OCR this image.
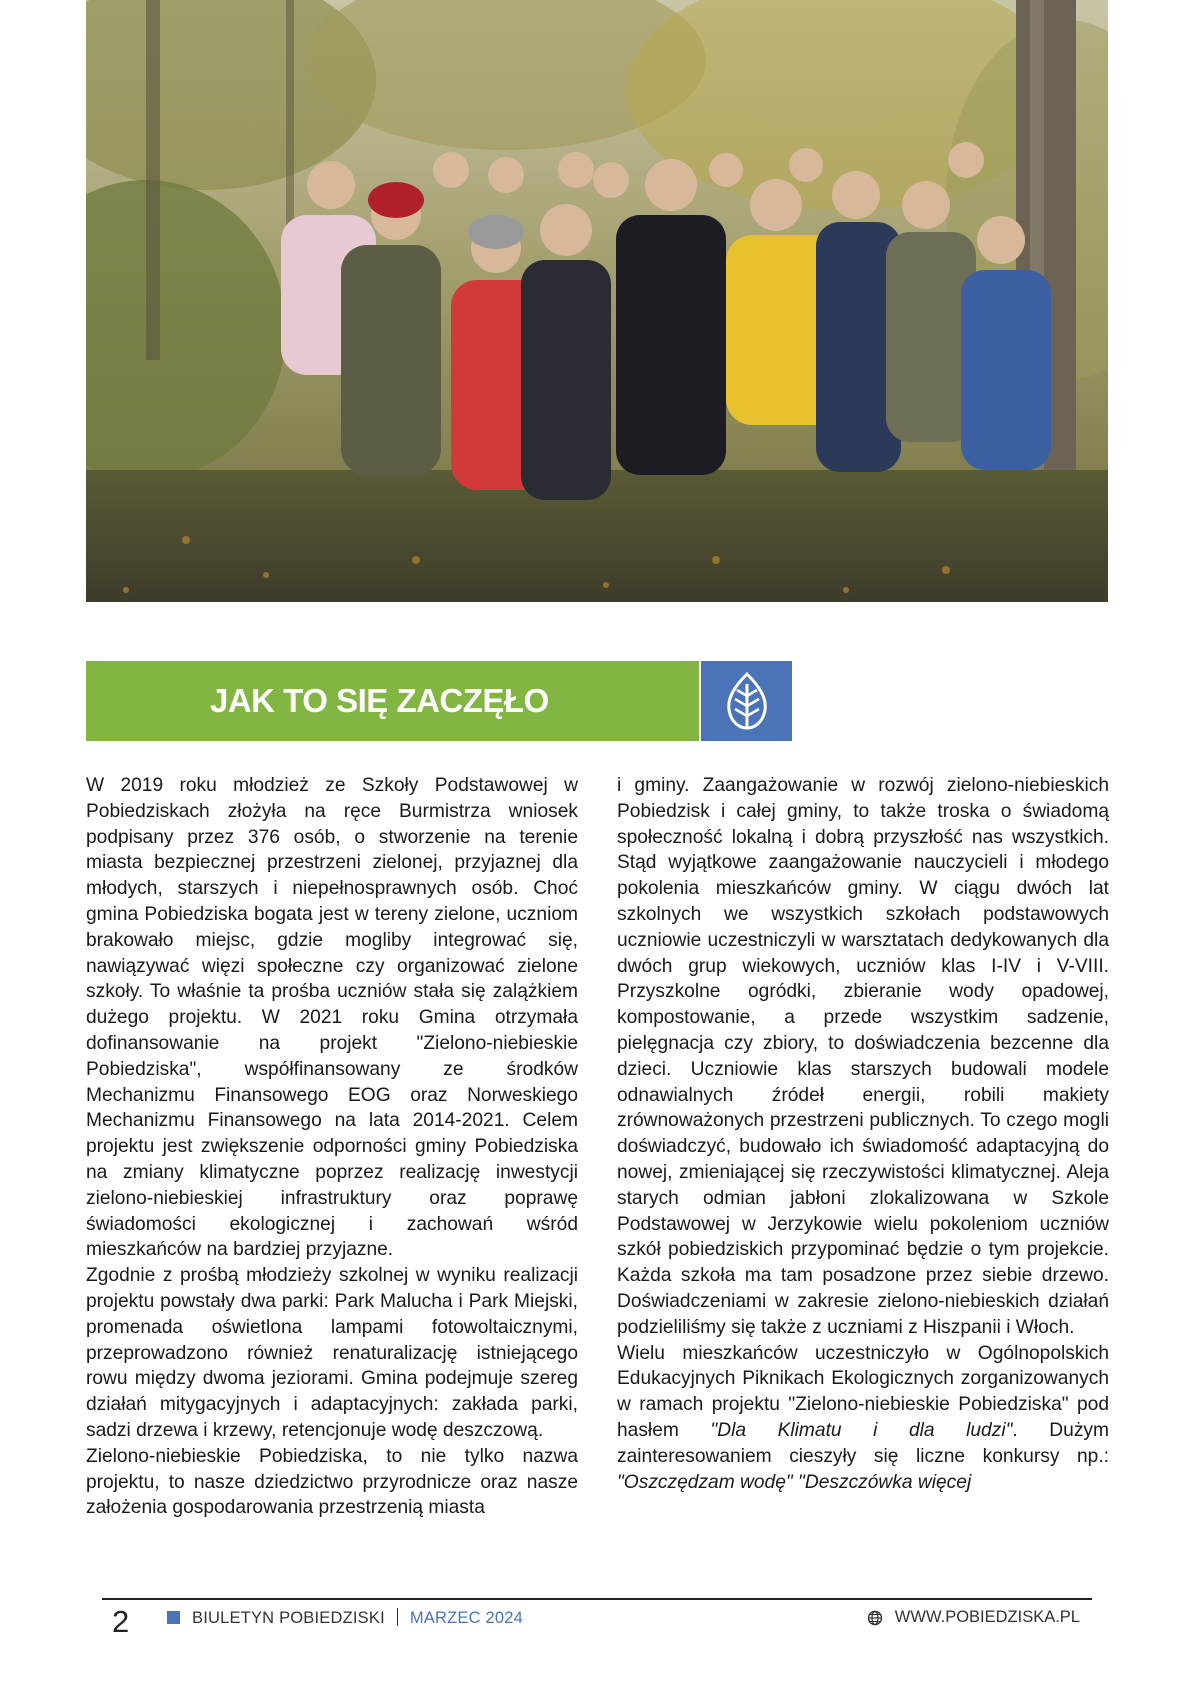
JAK TO SIĘ ZACZĘŁO

W 2019 roku młodzież ze Szkoły Podstawowej w Pobiedziskach złożyła na ręce Burmistrza wniosek podpisany przez 376 osób, o stworzenie na terenie miasta bezpiecznej przestrzeni zielonej, przyjaznej dla młodych, starszych i niepełnosprawnych osób. Choć gmina Pobiedziska bogata jest w tereny zielone, uczniom brakowało miejsc, gdzie mogliby integrować się, nawiązywać więzi społeczne czy organizować zielone szkoły. To właśnie ta prośba uczniów stała się zalążkiem dużego projektu. W 2021 roku Gmina otrzymała dofinansowanie na projekt "Zielono-niebieskie Pobiedziska", współfinansowany ze środków Mechanizmu Finansowego EOG oraz Norweskiego Mechanizmu Finansowego na lata 2014-2021. Celem projektu jest zwiększenie odporności gminy Pobiedziska na zmiany klimatyczne poprzez realizację inwestycji zielono-niebieskiej infrastruktury oraz poprawę świadomości ekologicznej i zachowań wśród mieszkańców na bardziej przyjazne.

Zgodnie z prośbą młodzieży szkolnej w wyniku realizacji projektu powstały dwa parki: Park Malucha i Park Miejski, promenada oświetlona lampami fotowoltaicznymi, przeprowadzono również renaturalizację istniejącego rowu między dwoma jeziorami. Gmina podejmuje szereg działań mitygacyjnych i adaptacyjnych: zakłada parki, sadzi drzewa i krzewy, retencjonuje wodę deszczową.

Zielono-niebieskie Pobiedziska, to nie tylko nazwa projektu, to nasze dziedzictwo przyrodnicze oraz nasze założenia gospodarowania przestrzenią miasta

i gminy. Zaangażowanie w rozwój zielono-niebieskich Pobiedzisk i całej gminy, to także troska o świadomą społeczność lokalną i dobrą przyszłość nas wszystkich. Stąd wyjątkowe zaangażowanie nauczycieli i młodego pokolenia mieszkańców gminy. W ciągu dwóch lat szkolnych we wszystkich szkołach podstawowych uczniowie uczestniczyli w warsztatach dedykowanych dla dwóch grup wiekowych, uczniów klas I-IV i V-VIII. Przyszkolne ogródki, zbieranie wody opadowej, kompostowanie, a przede wszystkim sadzenie, pielęgnacja czy zbiory, to doświadczenia bezcenne dla dzieci. Uczniowie klas starszych budowali modele odnawialnych źródeł energii, robili makiety zrównoważonych przestrzeni publicznych. To czego mogli doświadczyć, budowało ich świadomość adaptacyjną do nowej, zmieniającej się rzeczywistości klimatycznej. Aleja starych odmian jabłoni zlokalizowana w Szkole Podstawowej w Jerzykowie wielu pokoleniom uczniów szkół pobiedziskich przypominać będzie o tym projekcie. Każda szkoła ma tam posadzone przez siebie drzewo. Doświadczeniami w zakresie zielono-niebieskich działań podzieliliśmy się także z uczniami z Hiszpanii i Włoch.

Wielu mieszkańców uczestniczyło w Ogólnopolskich Edukacyjnych Piknikach Ekologicznych zorganizowanych w ramach projektu "Zielono-niebieskie Pobiedziska" pod hasłem "Dla Klimatu i dla ludzi". Dużym zainteresowaniem cieszyły się liczne konkursy np.: "Oszczędzam wodę" "Deszczówka więcej

2	BIULETYN POBIEDZISKI MARZEC 2024	WWW.POBIEDZISKA.PL
